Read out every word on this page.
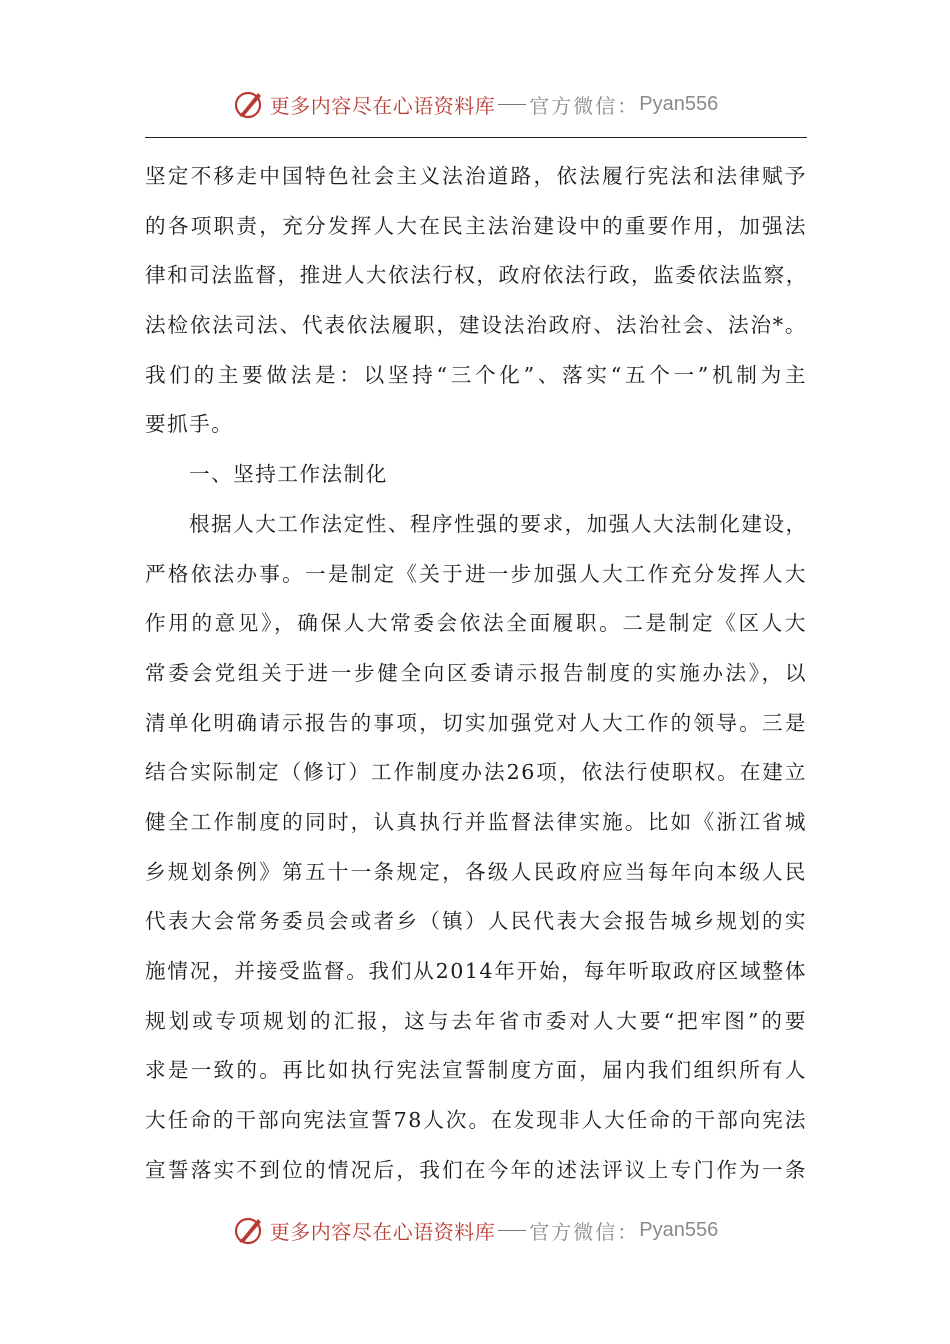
更多内容尽在心语资料库 官方微信： Pyan556
坚定不移走中国特色社会主义法治道路，依法履行宪法和法律赋予
的各项职责，充分发挥人大在民主法治建设中的重要作用，加强法
律和司法监督，推进人大依法行权，政府依法行政，监委依法监察，
法检依法司法、代表依法履职，建设法治政府、法治社会、法治*。
我们的主要做法是：以坚持“三个化”、落实“五个一”机制为主
要抓手。
一、坚持工作法制化
根据人大工作法定性、程序性强的要求，加强人大法制化建设，
严格依法办事。一是制定《关于进一步加强人大工作充分发挥人大
作用的意见》，确保人大常委会依法全面履职。二是制定《区人大
常委会党组关于进一步健全向区委请示报告制度的实施办法》，以
清单化明确请示报告的事项，切实加强党对人大工作的领导。三是
结合实际制定（修订）工作制度办法26项，依法行使职权。在建立
健全工作制度的同时，认真执行并监督法律实施。比如《浙江省城
乡规划条例》第五十一条规定，各级人民政府应当每年向本级人民
代表大会常务委员会或者乡（镇）人民代表大会报告城乡规划的实
施情况，并接受监督。我们从2014年开始，每年听取政府区域整体
规划或专项规划的汇报，这与去年省市委对人大要“把牢图”的要
求是一致的。再比如执行宪法宣誓制度方面，届内我们组织所有人
大任命的干部向宪法宣誓78人次。在发现非人大任命的干部向宪法
宣誓落实不到位的情况后，我们在今年的述法评议上专门作为一条
更多内容尽在心语资料库 官方微信： Pyan556
